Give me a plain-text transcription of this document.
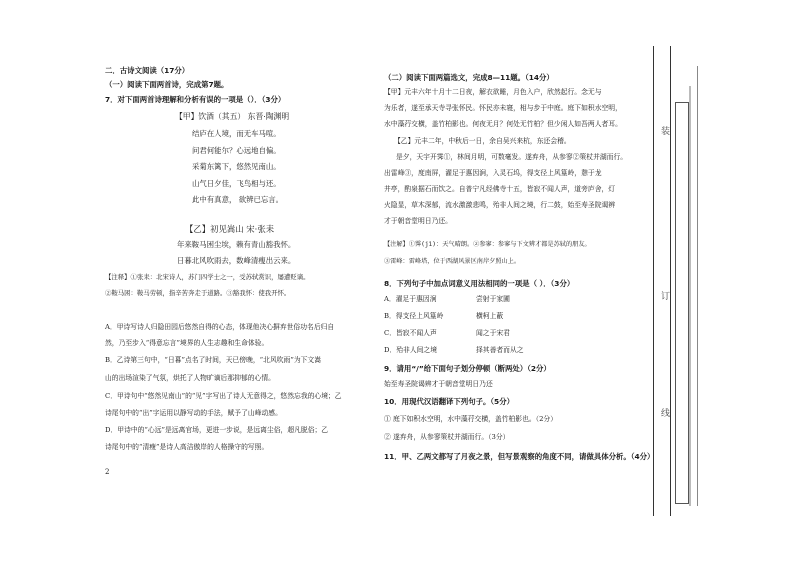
二．古诗文阅读（17分）
（一）阅读下面两首诗，完成第7题。
7．对下面两首诗理解和分析有误的一项是（）．（3分）
【甲】饮酒（其五） 东晋·陶渊明
结庐在人境，而无车马喧。
问君何能尔？心远地自偏。
采菊东篱下，悠然见南山。
山气日夕佳，飞鸟相与还。
此中有真意， 欲辨已忘言。
【乙】初见嵩山 宋·张耒
年来鞍马困尘埃，赖有青山豁我怀。
日暮北风吹雨去，数峰清瘦出云来。
【注释】①张耒：北宋诗人，苏门四学士之一，受苏轼赏识，屡遭贬谪。
②鞍马困：鞍马劳顿，指辛苦奔走于道路。③豁我怀：使我开怀。
A．甲诗写诗人归隐田园后悠然自得的心态，体现他决心摒弃世俗功名后归自
然，乃至步入“得意忘言”境界的人生志趣和生命体验。
B．乙诗第三句中，“日暮”点名了时间，天已傍晚，“北风吹雨”为下文嵩
山的出场渲染了气氛，烘托了人物旷谪后那抑郁的心情。
C．甲诗句中“悠然见南山”的“见”字写出了诗人无意得之，悠然忘我的心境；乙
诗尾句中的“出”字运用以静写动的手法，赋予了山峰动感。
D．甲诗中的“心远”是远离官场，更进一步说，是远离尘俗，超凡脱俗；乙
诗尾句中的“清瘦”是诗人高洁傲岸的人格操守的写照。
2
（二）阅读下面两篇选文，完成8—11题。（14分）
【甲】元丰六年十月十二日夜，解衣欲睡，月色入户，欣然起行。念无与
为乐者，遂至承天寺寻张怀民。怀民亦未寝，相与步于中庭。庭下如积水空明，
水中藻荇交横，盖竹柏影也。何夜无月？何处无竹柏？但少闲人如吾两人者耳。
【乙】元丰二年，中秋后一日，余自吴兴来杭，东还会稽。
是夕，天宇开霁①，林间月明，可数毫发。遂弃舟，从参寥②策杖并湖而行。
出雷峰③，度南屏，濯足于惠因涧，入灵石坞，得支径上风篁岭，憩于龙
井亭，酌泉据石而饮之。自普宁凡经佛寺十五，皆寂不闻人声，道旁庐舍，灯
火隐显，草木深郁，流水激激悲鸣，殆非人间之境，行二鼓，始至寿圣院谒辨
才于朝音堂明日乃还。
【注解】①霁(jì)：天气晴朗。②参寥：参寥与下文辨才都是苏轼的朋友。
③雷峰：雷峰塔，位于西湖风景区南岸夕照山上。
8．下列句子中加点词意义用法相同的一项是（ ）．（3分）
A．濯足于惠因涧	尝射于家圃
B．得支径上风篁岭	横柯上蔽
C．皆寂不闻人声	闻之于宋君
D．殆非人间之境	择其善者而从之
9．请用“/”给下面句子划分停顿（断两处）（2分）
始至寿圣院谒辨才于朝音堂明日乃还
10．用现代汉语翻译下列句子。（5分）
① 庭下如积水空明，水中藻荇交横，盖竹柏影也。（2分）
② 遂弃舟，从参寥策杖并湖而行。（3分）
11．甲、乙两文都写了月夜之景，但写景观察的角度不同，请做具体分析。（4分）
装
订
线
